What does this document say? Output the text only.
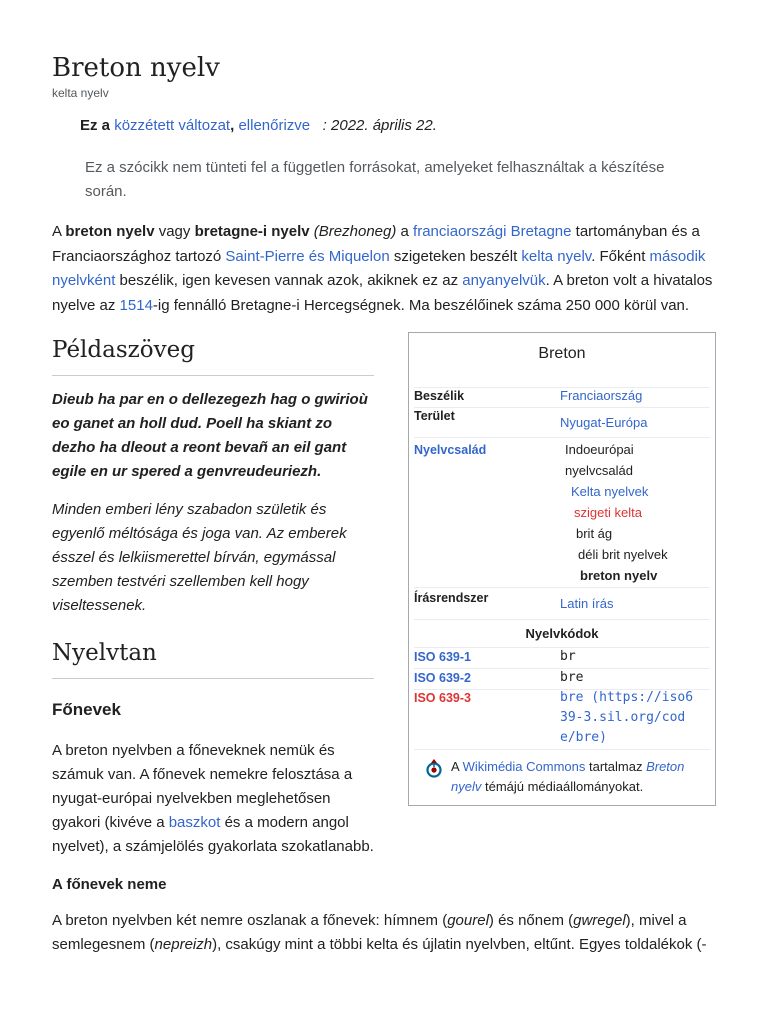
Breton nyelv
kelta nyelv
Ez a közzétett változat, ellenőrizve : 2022. április 22.
Ez a szócikk nem tünteti fel a független forrásokat, amelyeket felhasználtak a készítése során.
A breton nyelv vagy bretagne-i nyelv (Brezhoneg) a franciaországi Bretagne tartományban és a Franciaországhoz tartozó Saint-Pierre és Miquelon szigeteken beszélt kelta nyelv. Főként második nyelvként beszélik, igen kevesen vannak azok, akiknek ez az anyanyelvük. A breton volt a hivatalos nyelve az 1514-ig fennálló Bretagne-i Hercegségnek. Ma beszélőinek száma 250 000 körül van.
Példaszöveg

Dieub ha par en o dellezegezh hag o gwirioù eo ganet an holl dud. Poell ha skiant zo dezho ha dleout a reont bevañ an eil gant egile en ur spered a genvreudeuriezh.

Minden emberi lény szabadon születik és egyenlő méltósága és joga van. Az emberek ésszel és lelkiismerettel bírván, egymással szemben testvéri szellemben kell hogy viseltessenek.

Nyelvtan
Főnevek

A breton nyelvben a főneveknek nemük és számuk van. A főnevek nemekre felosztása a nyugat-európai nyelvekben meglehetősen gyakori (kivéve a baszkot és a modern angol nyelvet), a számjelölés gyakorlata szokatlanabb.

A főnevek neme
A breton nyelvben két nemre oszlanak a főnevek: hímnem (gourel) és nőnem (gwregel), mivel a semlegesnem (nepreizh), csakúgy mint a többi kelta és újlatin nyelvben, eltűnt. Egyes toldalékok (-
Breton
Beszélik	Franciaország
Terület	Nyugat-Európa
Nyelvcsalád	Indoeurópai
nyelvcsalád
Kelta nyelvek
szigeti kelta
brit ág
déli brit nyelvek
breton nyelv
Írásrendszer	Latin írás
Nyelvkódok
ISO 639-1	br
ISO 639-2	bre
ISO 639-3	bre (https://iso6
39-3.sil.org/cod
e/bre)
A Wikimédia Commons tartalmaz Breton nyelv témájú médiaállományokat.
